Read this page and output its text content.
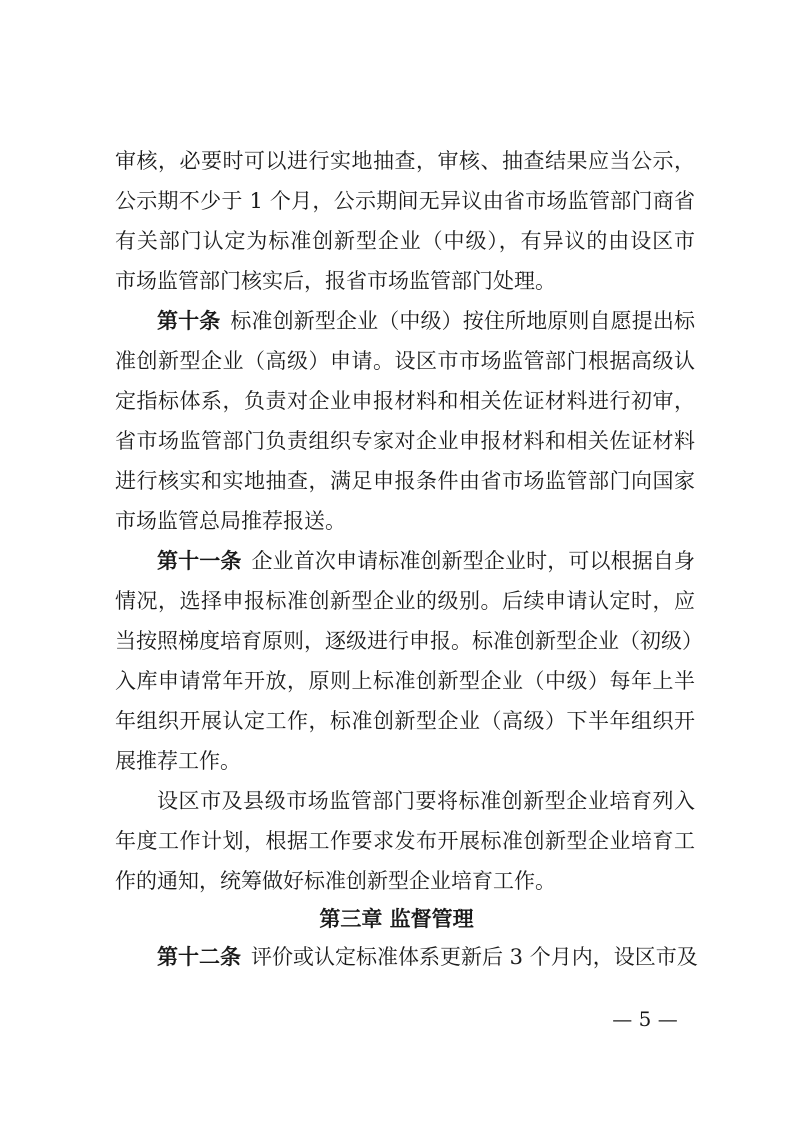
审核，必要时可以进行实地抽查，审核、抽查结果应当公示，
公示期不少于 1 个月，公示期间无异议由省市场监管部门商省
有关部门认定为标准创新型企业（中级），有异议的由设区市
市场监管部门核实后，报省市场监管部门处理。
第十条 标准创新型企业（中级）按住所地原则自愿提出标
准创新型企业（高级）申请。设区市市场监管部门根据高级认
定指标体系，负责对企业申报材料和相关佐证材料进行初审，
省市场监管部门负责组织专家对企业申报材料和相关佐证材料
进行核实和实地抽查，满足申报条件由省市场监管部门向国家
市场监管总局推荐报送。
第十一条 企业首次申请标准创新型企业时，可以根据自身
情况，选择申报标准创新型企业的级别。后续申请认定时，应
当按照梯度培育原则，逐级进行申报。标准创新型企业（初级）
入库申请常年开放，原则上标准创新型企业（中级）每年上半
年组织开展认定工作，标准创新型企业（高级）下半年组织开
展推荐工作。
设区市及县级市场监管部门要将标准创新型企业培育列入
年度工作计划，根据工作要求发布开展标准创新型企业培育工
作的通知，统筹做好标准创新型企业培育工作。
第三章 监督管理
第十二条 评价或认定标准体系更新后 3 个月内，设区市及
— 5 —
